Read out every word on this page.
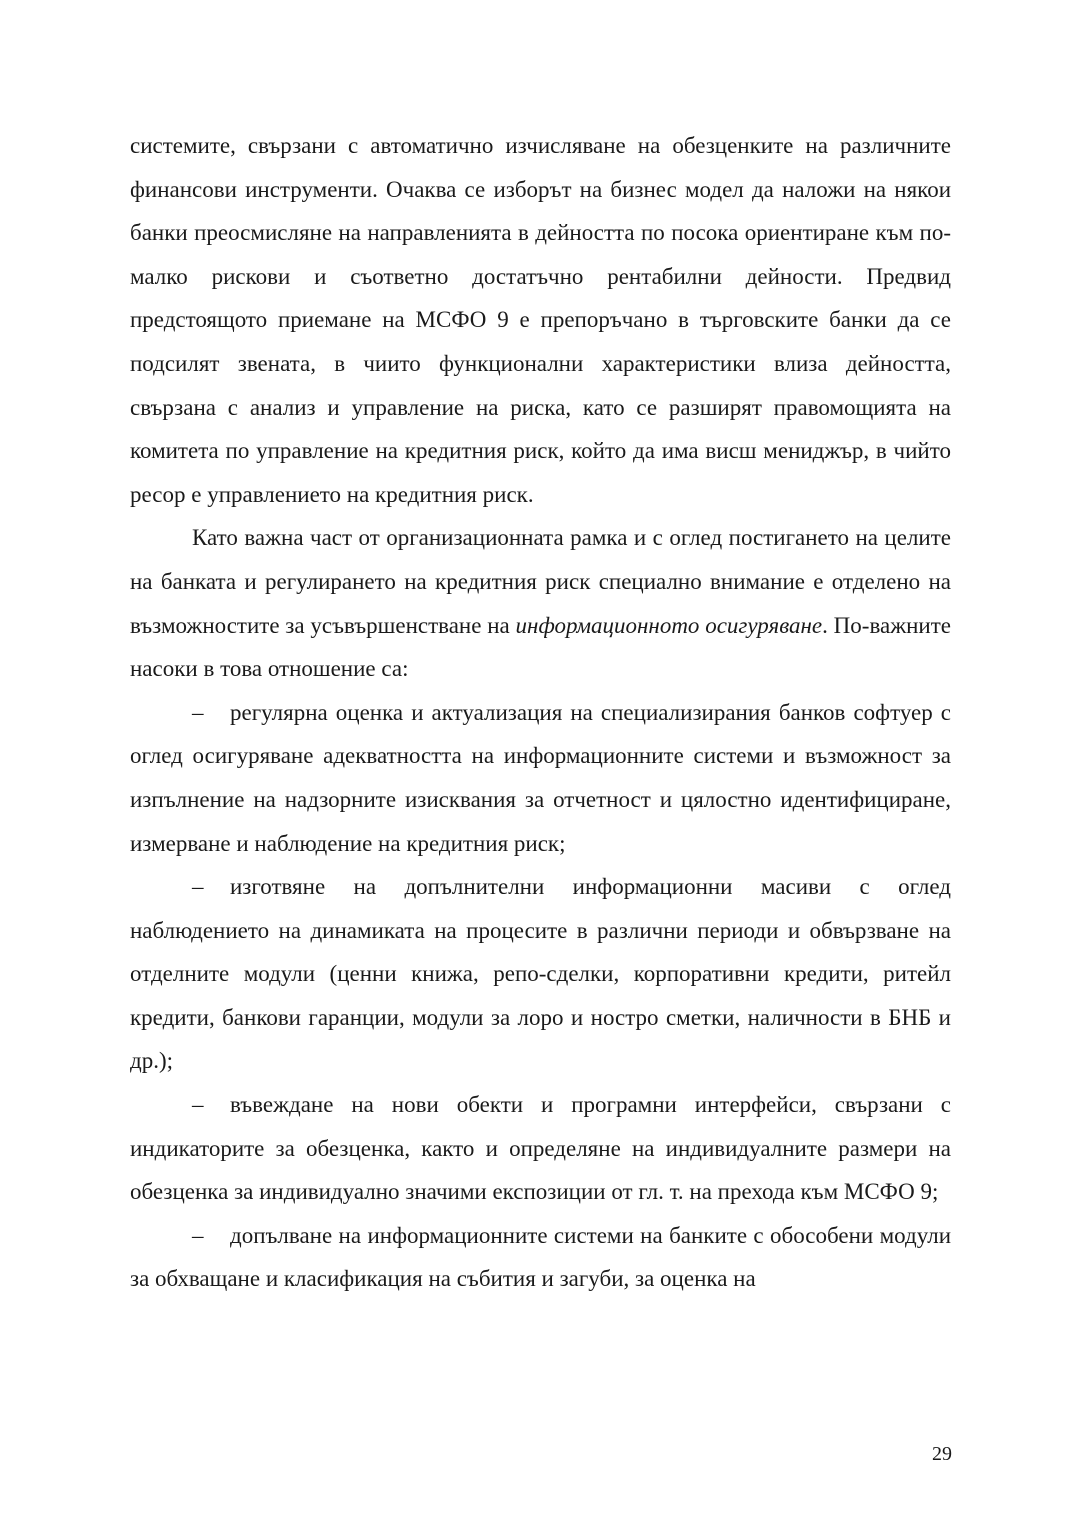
системите, свързани с автоматично изчисляване на обезценките на различните финансови инструменти. Очаква се изборът на бизнес модел да наложи на някои банки преосмисляне на направленията в дейността по посока ориентиране към по-малко рискови и съответно достатъчно рентабилни дейности. Предвид предстоящото приемане на МСФО 9 е препоръчано в търговските банки да се подсилят звената, в чиито функционални характеристики влиза дейността, свързана с анализ и управление на риска, като се разширят правомощията на комитета по управление на кредитния риск, който да има висш мениджър, в чийто ресор е управлението на кредитния риск.

Като важна част от организационната рамка и с оглед постигането на целите на банката и регулирането на кредитния риск специално внимание е отделено на възможностите за усъвършенстване на информационното осигуряване. По-важните насоки в това отношение са:

– регулярна оценка и актуализация на специализирания банков софтуер с оглед осигуряване адекватността на информационните системи и възможност за изпълнение на надзорните изисквания за отчетност и цялостно идентифициране, измерване и наблюдение на кредитния риск;

– изготвяне на допълнителни информационни масиви с оглед наблюдението на динамиката на процесите в различни периоди и обвързване на отделните модули (ценни книжа, репо-сделки, корпоративни кредити, ритейл кредити, банкови гаранции, модули за лоро и ностро сметки, наличности в БНБ и др.);

– въвеждане на нови обекти и програмни интерфейси, свързани с индикаторите за обезценка, както и определяне на индивидуалните размери на обезценка за индивидуално значими експозиции от гл. т. на прехода към МСФО 9;

– допълване на информационните системи на банките с обособени модули за обхващане и класификация на събития и загуби, за оценка на

29
